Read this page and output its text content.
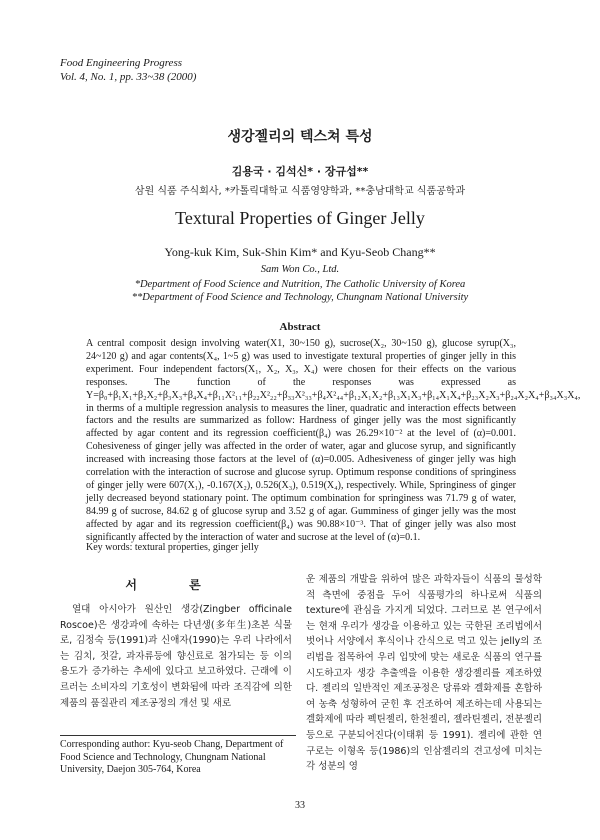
Food Engineering Progress
Vol. 4, No. 1, pp. 33~38 (2000)
생강젤리의 텍스쳐 특성
김용국 · 김석신* · 장규섭**
삼원 식품 주식회사, *카톨릭대학교 식품영양학과, **충남대학교 식품공학과
Textural Properties of Ginger Jelly
Yong-kuk Kim, Suk-Shin Kim* and Kyu-Seob Chang**
Sam Won Co., Ltd.
*Department of Food Science and Nutrition, The Catholic University of Korea
**Department of Food Science and Technology, Chungnam National University
Abstract

A central composit design involving water(X1, 30~150 g), sucrose(X₂, 30~150 g), glucose syrup(X₃, 24~120 g) and agar contents(X₄, 1~5 g) was used to investigate textural properties of ginger jelly in this experiment. Four independent factors(X₁, X₂, X₃, X₄) were chosen for their effects on the various responses. The function of the responses was expressed as Y=β₀+β₁X₁+β₂X₂+β₃X₃+β₄X₄+β₁₁X²₁₁+β₂₂X²₂₂+β₃₃X²₃₃+β₄X²₄₄+β₁₂X₁X₂+β₁₃X₁X₃+β₁₄X₁X₄+β₂₃X₂X₃+β₂₄X₂X₄+β₃₄X₃X₄, in therms of a multiple regression analysis to measures the liner, quadratic and interaction effects between factors and the results are summarized as follow: Hardness of ginger jelly was the most significantly affected by agar content and its regression coefficient(β₄) was 26.29×10⁻² at the level of (α)=0.001. Cohesiveness of ginger jelly was affected in the order of water, agar and glucose syrup, and significantly increased with increasing those factors at the level of (α)=0.005. Adhesiveness of ginger jelly was high correlation with the interaction of sucrose and glucose syrup. Optimum response conditions of springiness of ginger jelly were 607(X₁), -0.167(X₂), 0.526(X₃), 0.519(X₄), respectively. While, Springiness of ginger jelly decreased beyond stationary point. The optimum combination for springiness was 71.79 g of water, 84.99 g of sucrose, 84.62 g of glucose syrup and 3.52 g of agar. Gumminess of ginger jelly was the most affected by agar and its regression coefficient(β₄) was 90.88×10⁻³. That of ginger jelly was also most significantly affected by the interaction of water and sucrose at the level of (α)=0.1.

Key words: textural properties, ginger jelly
서 론

열대 아시아가 원산인 생강(Zingber officinale Roscoe)은 생강과에 속하는 다년생(多年生)초본 식물로, 김정숙 등(1991)과 신애자(1990)는 우리 나라에서는 김치, 젓갈, 과자류등에 향신료로 첨가되는 등 이의 용도가 증가하는 추세에 있다고 보고하였다. 근래에 이르러는 소비자의 기호성이 변화됨에 따라 조직감에 의한 제품의 품질관리 제조공정의 개선 및 새로

운 제품의 개발을 위하여 많은 과학자들이 식품의 물성학적 측면에 중점을 두어 식품평가의 하나로써 식품의 texture에 관심을 가지게 되었다. 그러므로 본 연구에서는 현재 우리가 생강을 이용하고 있는 국한된 조리법에서 벗어나 서양에서 후식이나 간식으로 먹고 있는 jelly의 조리법을 접목하여 우리 입맛에 맞는 새로운 식품의 연구를 시도하고자 생강 추출액을 이용한 생강젤리를 제조하였다. 젤리의 일반적인 제조공정은 당류와 겔화제를 혼합하여 농축 성형하여 굳힌 후 건조하여 제조하는데 사용되는 겔화제에 따라 펙틴젤리, 한천젤리, 젤라틴젤리, 전분젤리 등으로 구분되어진다(이태휘 등 1991). 젤리에 관한 연구로는 이형옥 등(1986)의 인삼젤리의 견고성에 미치는 각 성분의 영

Corresponding author: Kyu-seob Chang, Department of Food Science and Technology, Chungnam National University, Daejon 305-764, Korea
33
